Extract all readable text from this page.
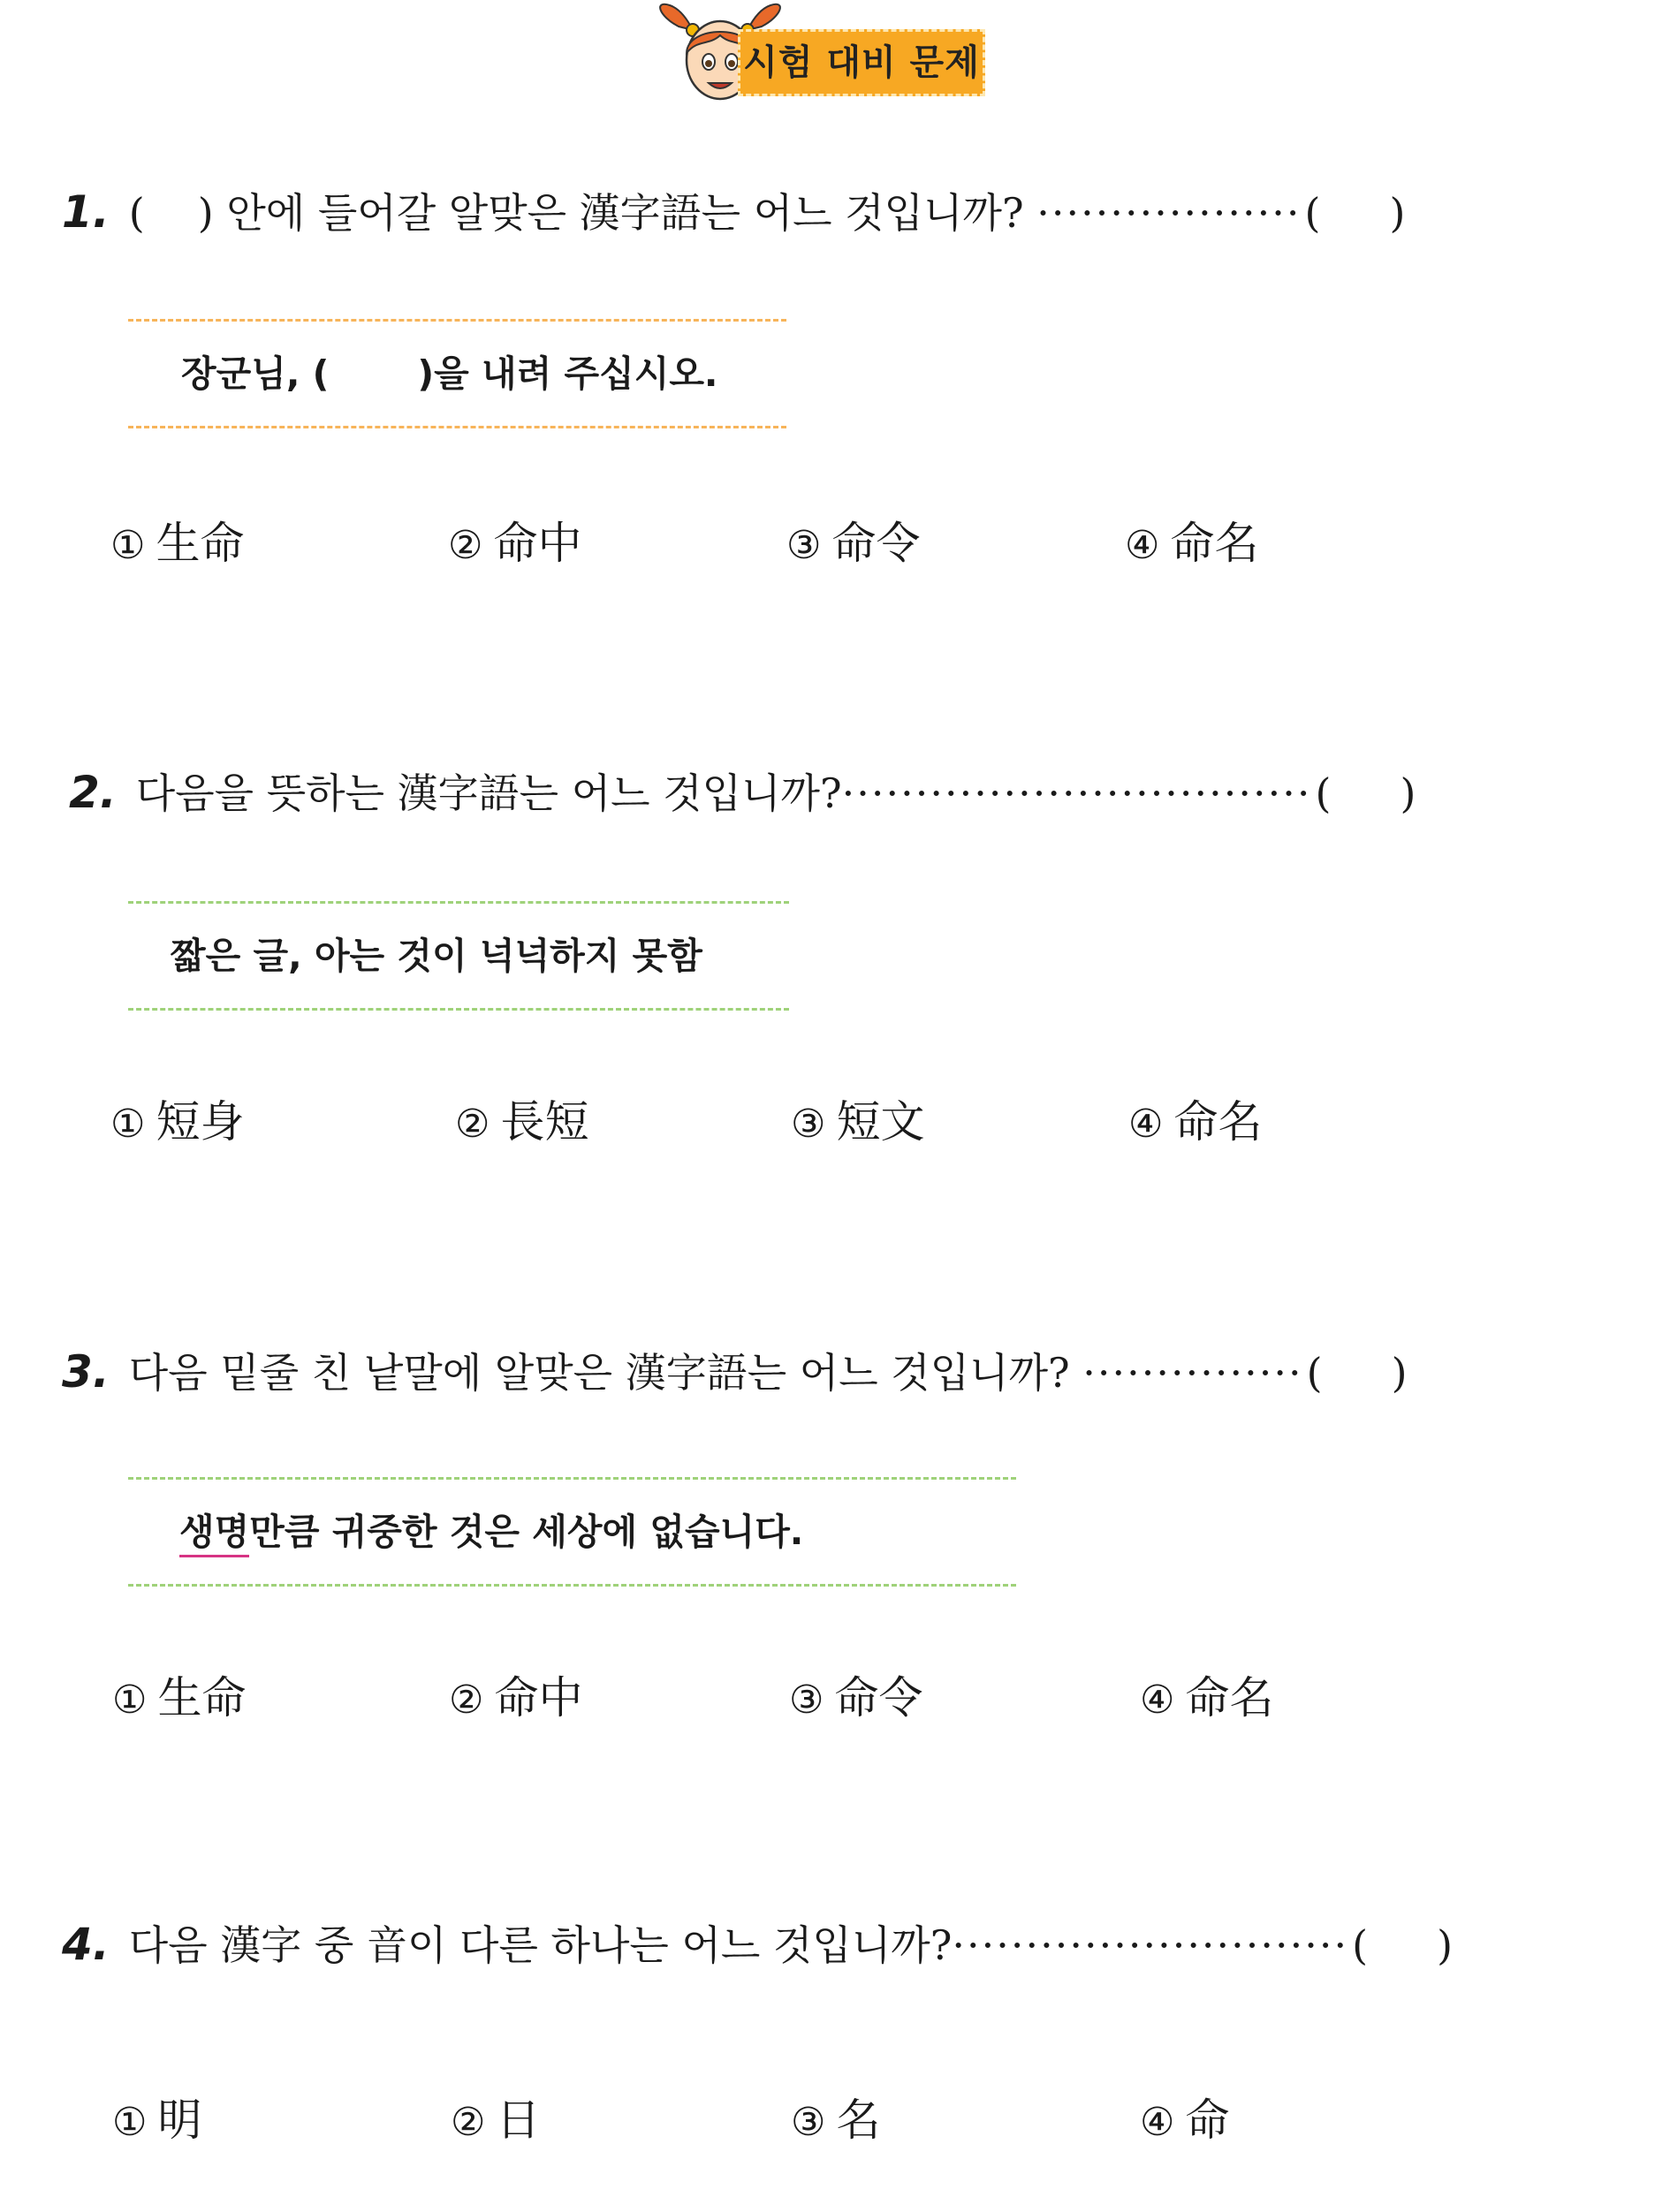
시험 대비 문제
1. ( ) 안에 들어갈 알맞은 漢字語는 어느 것입니까? ··················( )
장군님, ( )을 내려 주십시오.
① 生命	② 命中	③ 命令	④ 命名
2. 다음을 뜻하는 漢字語는 어느 것입니까?································( )
짧은 글, 아는 것이 넉넉하지 못함
① 短身	② 長短	③ 短文	④ 命名
3. 다음 밑줄 친 낱말에 알맞은 漢字語는 어느 것입니까? ···············( )
생명만큼 귀중한 것은 세상에 없습니다.
① 生命	② 命中	③ 命令	④ 命名
4. 다음 漢字 중 音이 다른 하나는 어느 것입니까?···························( )
① 明	② 日	③ 名	④ 命
